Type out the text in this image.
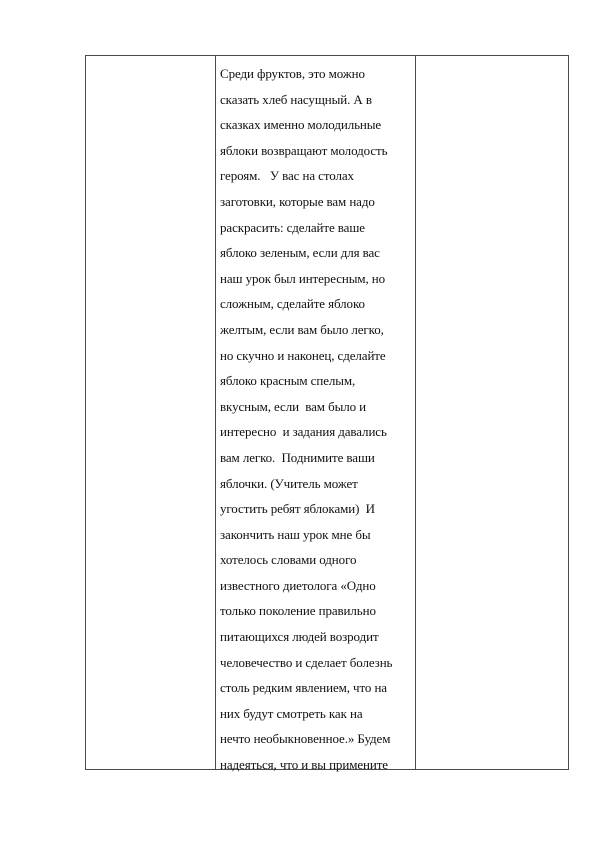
Среди фруктов, это можно
сказать хлеб насущный. А в
сказках именно молодильные
яблоки возвращают молодость
героям.   У вас на столах
заготовки, которые вам надо
раскрасить: сделайте ваше
яблоко зеленым, если для вас
наш урок был интересным, но
сложным, сделайте яблоко
желтым, если вам было легко,
но скучно и наконец, сделайте
яблоко красным спелым,
вкусным, если  вам было и
интересно  и задания давались
вам легко.  Поднимите ваши
яблочки. (Учитель может
угостить ребят яблоками)  И
закончить наш урок мне бы
хотелось словами одного
известного диетолога «Одно
только поколение правильно
питающихся людей возродит
человечество и сделает болезнь
столь редким явлением, что на
них будут смотреть как на
нечто необыкновенное.» Будем
надеяться, что и вы примените
